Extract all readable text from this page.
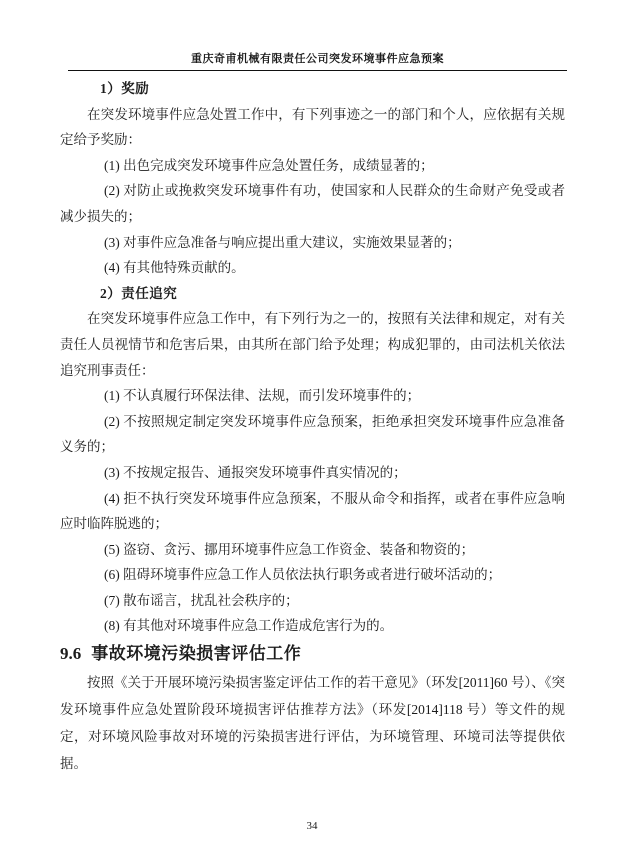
重庆奇甫机械有限责任公司突发环境事件应急预案

1）奖励

在突发环境事件应急处置工作中，有下列事迹之一的部门和个人，应依据有关规定给予奖励：

(1) 出色完成突发环境事件应急处置任务，成绩显著的；

(2) 对防止或挽救突发环境事件有功，使国家和人民群众的生命财产免受或者减少损失的；

(3) 对事件应急准备与响应提出重大建议，实施效果显著的；

(4) 有其他特殊贡献的。

2）责任追究

在突发环境事件应急工作中，有下列行为之一的，按照有关法律和规定，对有关责任人员视情节和危害后果，由其所在部门给予处理；构成犯罪的，由司法机关依法追究刑事责任：

(1) 不认真履行环保法律、法规，而引发环境事件的；

(2) 不按照规定制定突发环境事件应急预案，拒绝承担突发环境事件应急准备义务的；

(3) 不按规定报告、通报突发环境事件真实情况的；

(4) 拒不执行突发环境事件应急预案，不服从命令和指挥，或者在事件应急响应时临阵脱逃的；

(5) 盗窃、贪污、挪用环境事件应急工作资金、装备和物资的；

(6) 阻碍环境事件应急工作人员依法执行职务或者进行破坏活动的；

(7) 散布谣言，扰乱社会秩序的；

(8) 有其他对环境事件应急工作造成危害行为的。

9.6 事故环境污染损害评估工作

按照《关于开展环境污染损害鉴定评估工作的若干意见》（环发[2011]60 号）、《突发环境事件应急处置阶段环境损害评估推荐方法》（环发[2014]118 号）等文件的规定，对环境风险事故对环境的污染损害进行评估，为环境管理、环境司法等提供依据。

34
